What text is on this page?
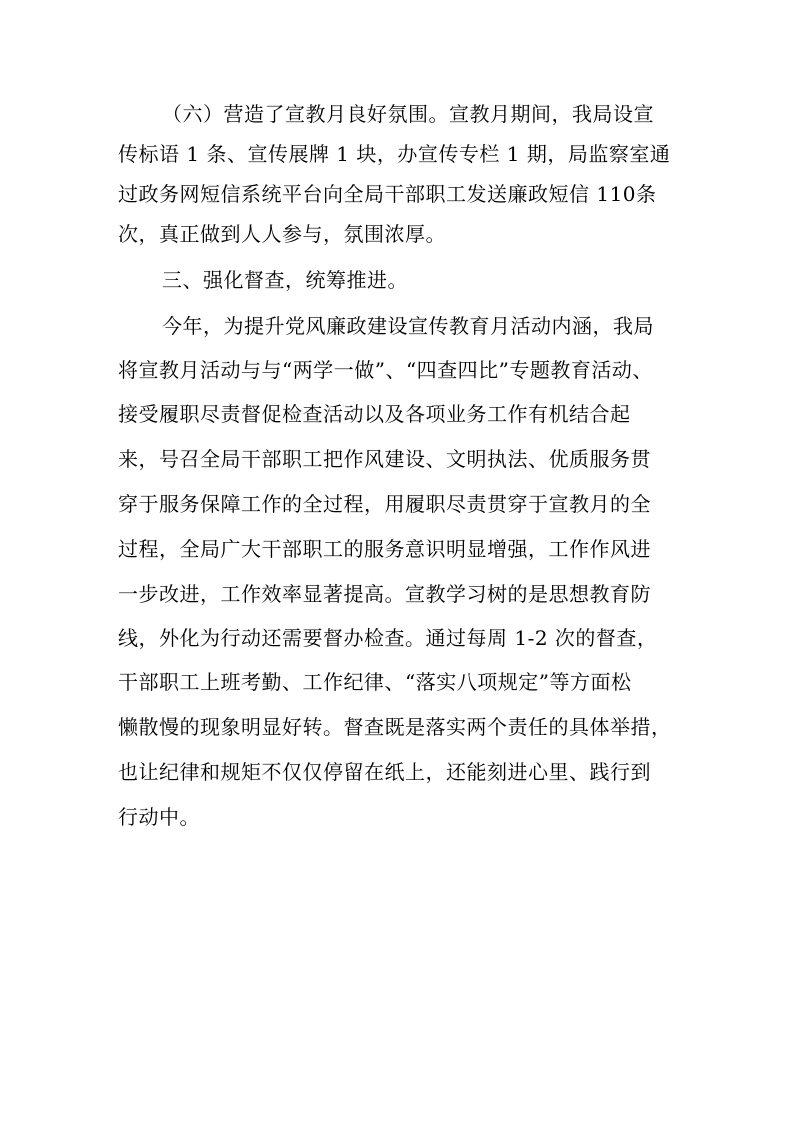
（六）营造了宣教月良好氛围。宣教月期间，我局设宣
传标语 1 条、宣传展牌 1 块，办宣传专栏 1 期，局监察室通
过政务网短信系统平台向全局干部职工发送廉政短信 110条
次，真正做到人人参与，氛围浓厚。
三、强化督查，统筹推进。
今年，为提升党风廉政建设宣传教育月活动内涵，我局
将宣教月活动与与“两学一做”、“四查四比”专题教育活动、
接受履职尽责督促检查活动以及各项业务工作有机结合起
来，号召全局干部职工把作风建设、文明执法、优质服务贯
穿于服务保障工作的全过程，用履职尽责贯穿于宣教月的全
过程，全局广大干部职工的服务意识明显增强，工作作风进
一步改进，工作效率显著提高。宣教学习树的是思想教育防
线，外化为行动还需要督办检查。通过每周 1-2 次的督查，
干部职工上班考勤、工作纪律、“落实八项规定”等方面松
懒散慢的现象明显好转。督查既是落实两个责任的具体举措，
也让纪律和规矩不仅仅停留在纸上，还能刻进心里、践行到
行动中。
